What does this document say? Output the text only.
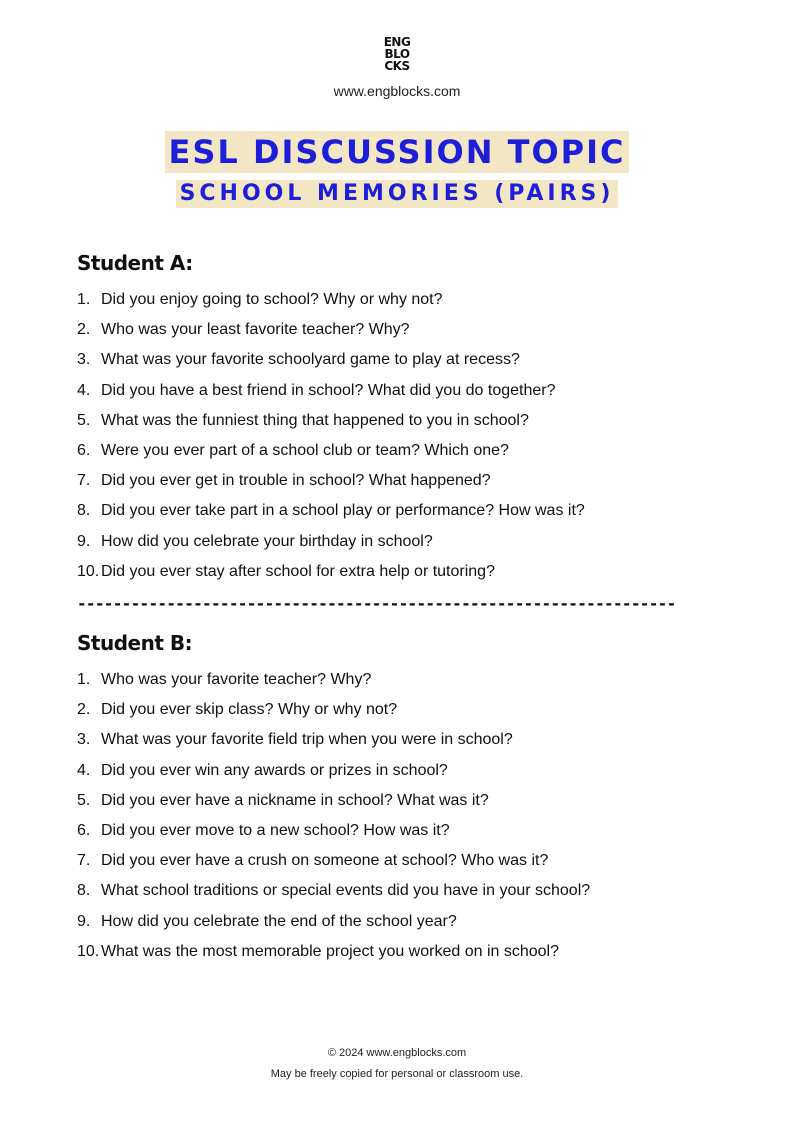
ENG
BLO
CKS
www.engblocks.com
ESL DISCUSSION TOPIC
SCHOOL MEMORIES (PAIRS)
Student A:
1. Did you enjoy going to school? Why or why not?
2. Who was your least favorite teacher? Why?
3. What was your favorite schoolyard game to play at recess?
4. Did you have a best friend in school? What did you do together?
5. What was the funniest thing that happened to you in school?
6. Were you ever part of a school club or team? Which one?
7. Did you ever get in trouble in school? What happened?
8. Did you ever take part in a school play or performance? How was it?
9. How did you celebrate your birthday in school?
10. Did you ever stay after school for extra help or tutoring?
-------------------------------------------------------------------
Student B:
1. Who was your favorite teacher? Why?
2. Did you ever skip class? Why or why not?
3. What was your favorite field trip when you were in school?
4. Did you ever win any awards or prizes in school?
5. Did you ever have a nickname in school? What was it?
6. Did you ever move to a new school? How was it?
7. Did you ever have a crush on someone at school? Who was it?
8. What school traditions or special events did you have in your school?
9. How did you celebrate the end of the school year?
10. What was the most memorable project you worked on in school?
© 2024 www.engblocks.com
May be freely copied for personal or classroom use.
